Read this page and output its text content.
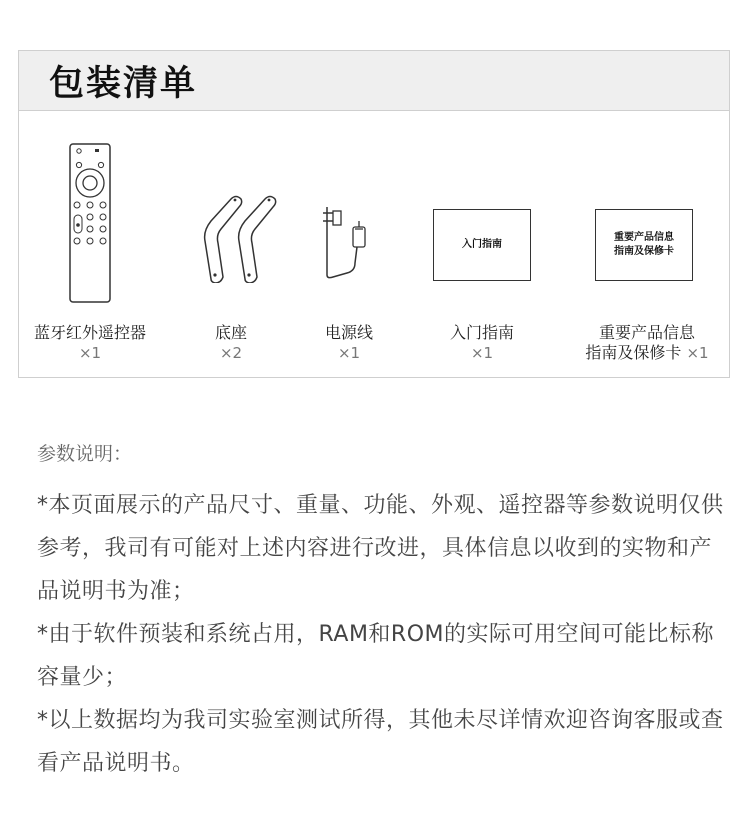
包装清单
入门指南
重要产品信息
指南及保修卡
蓝牙红外遥控器
×1
底座
×2
电源线
×1
入门指南
×1
重要产品信息
指南及保修卡 ×1
参数说明：
*本页面展示的产品尺寸、重量、功能、外观、遥控器等参数说明仅供参考，我司有可能对上述内容进行改进，具体信息以收到的实物和产品说明书为准；
*由于软件预装和系统占用，RAM和ROM的实际可用空间可能比标称容量少；
*以上数据均为我司实验室测试所得，其他未尽详情欢迎咨询客服或查看产品说明书。
